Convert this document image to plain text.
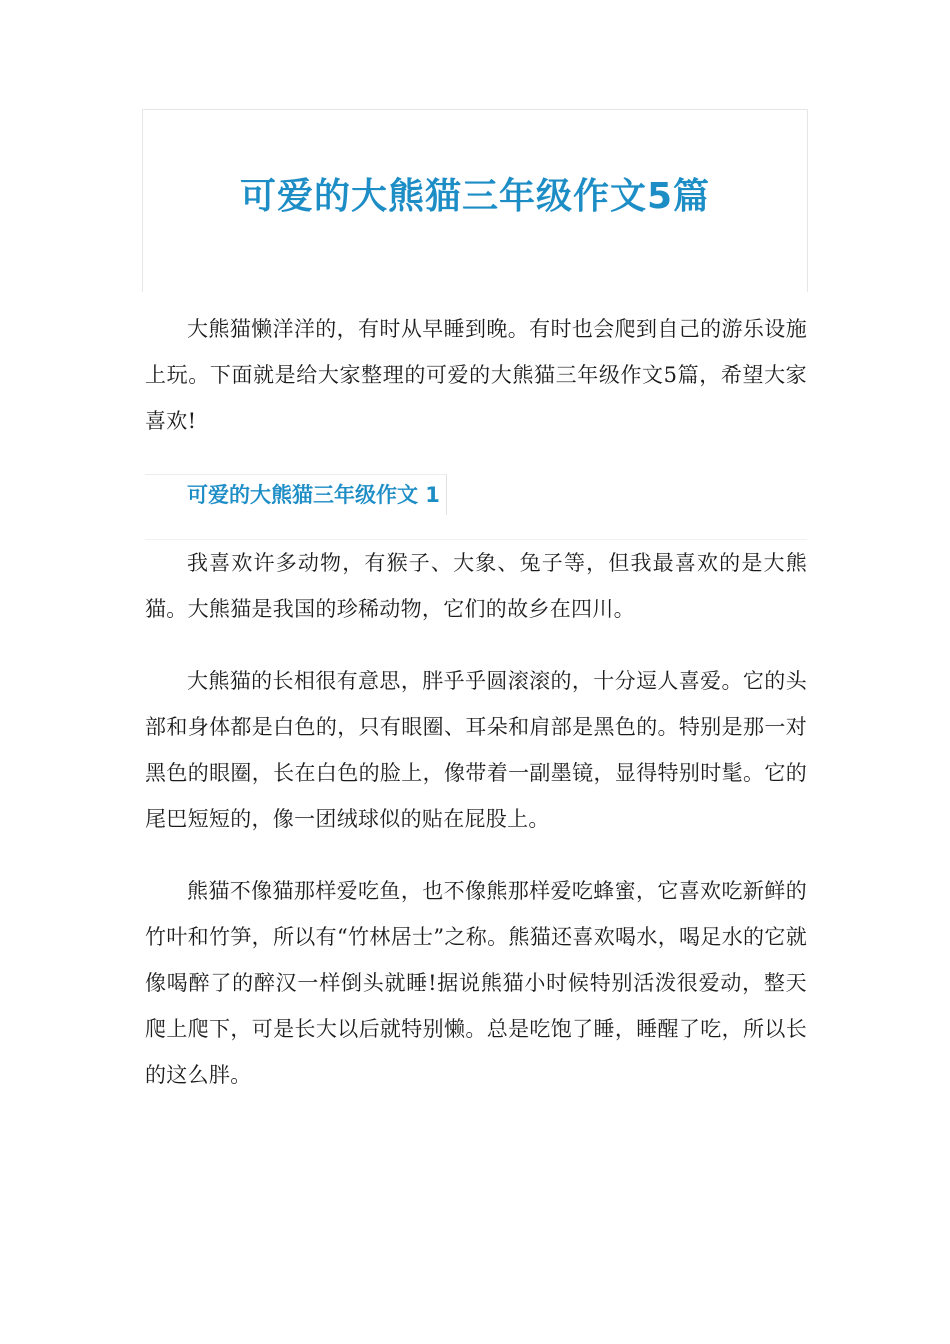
可爱的大熊猫三年级作文5篇

大熊猫懒洋洋的，有时从早睡到晚。有时也会爬到自己的游乐设施上玩。下面就是给大家整理的可爱的大熊猫三年级作文5篇，希望大家喜欢!

可爱的大熊猫三年级作文 1

我喜欢许多动物，有猴子、大象、兔子等，但我最喜欢的是大熊猫。大熊猫是我国的珍稀动物，它们的故乡在四川。

大熊猫的长相很有意思，胖乎乎圆滚滚的，十分逗人喜爱。它的头部和身体都是白色的，只有眼圈、耳朵和肩部是黑色的。特别是那一对黑色的眼圈，长在白色的脸上，像带着一副墨镜，显得特别时髦。它的尾巴短短的，像一团绒球似的贴在屁股上。

熊猫不像猫那样爱吃鱼，也不像熊那样爱吃蜂蜜，它喜欢吃新鲜的竹叶和竹笋，所以有“竹林居士”之称。熊猫还喜欢喝水，喝足水的它就像喝醉了的醉汉一样倒头就睡!据说熊猫小时候特别活泼很爱动，整天爬上爬下，可是长大以后就特别懒。总是吃饱了睡，睡醒了吃，所以长的这么胖。
